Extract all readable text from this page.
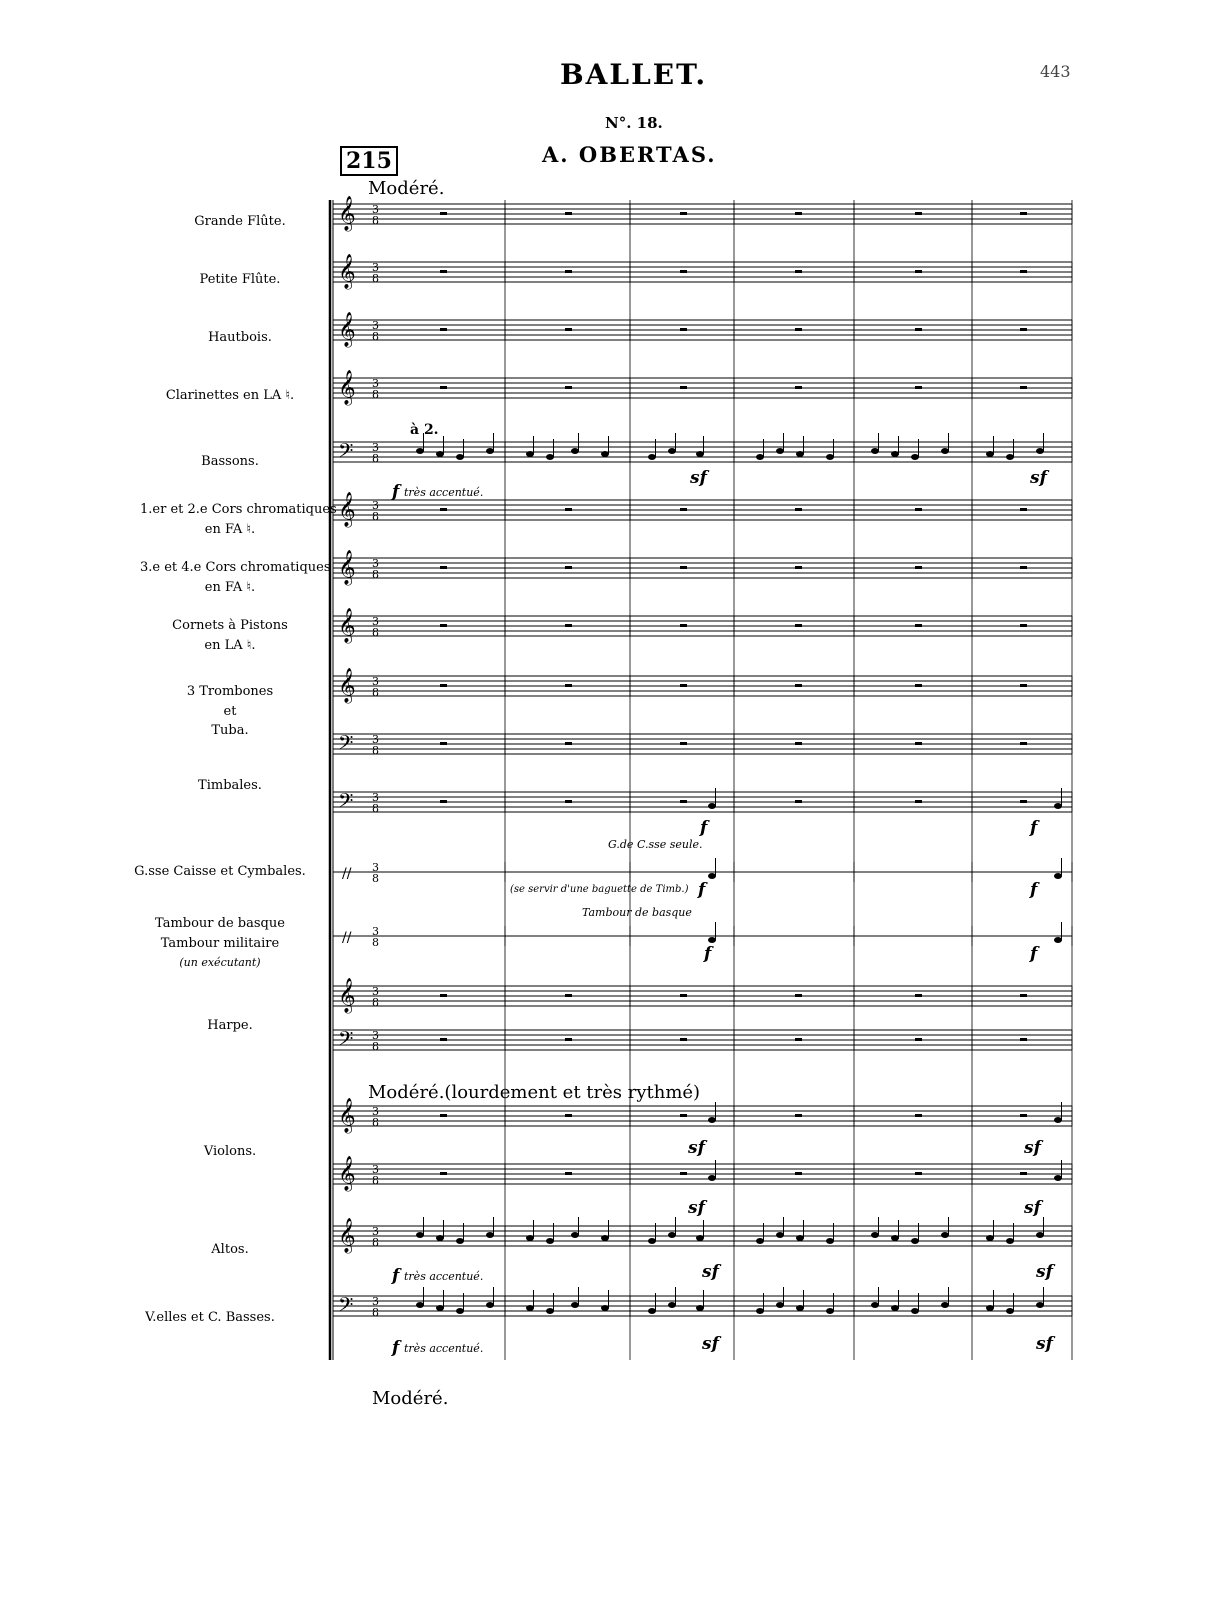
𝄞 3
8
𝄞 3
8
𝄞 3
8
𝄞 3
8
𝄢 3
8
𝄞 3
8
𝄞 3
8
𝄞 3
8
𝄞 3
8
𝄢 3
8
𝄢 3
8
// 3
8
// 3
8
𝄞 3
8
𝄢 3
8
𝄞 3
8
𝄞 3
8
𝄞 3
8
𝄢 3
8
BALLET.	443
N°. 18.
A. OBERTAS.
215
Modéré.
Modéré.(lourdement et très rythmé)
Modéré.
Grande Flûte.
Petite Flûte.
Hautbois.
Clarinettes en LA ♮.
Bassons.
1.er et 2.e Cors chromatiques
en FA ♮.
3.e et 4.e Cors chromatiques
en FA ♮.
Cornets à Pistons
en LA ♮.
3 Trombones
et
Tuba.
Timbales.
G.sse Caisse et Cymbales.
Tambour de basque
Tambour militaire
(un exécutant)
Harpe.
Violons.
Altos.
V.elles et C. Basses.
à 2.
f très accentué.
G.de C.sse seule.
(se servir d'une baguette de Timb.)
Tambour de basque
f très accentué.
f très accentué.
sf	sf
f	f
f	f
f	f
sf	sf
sf	sf
sf	sf
sf	sf
